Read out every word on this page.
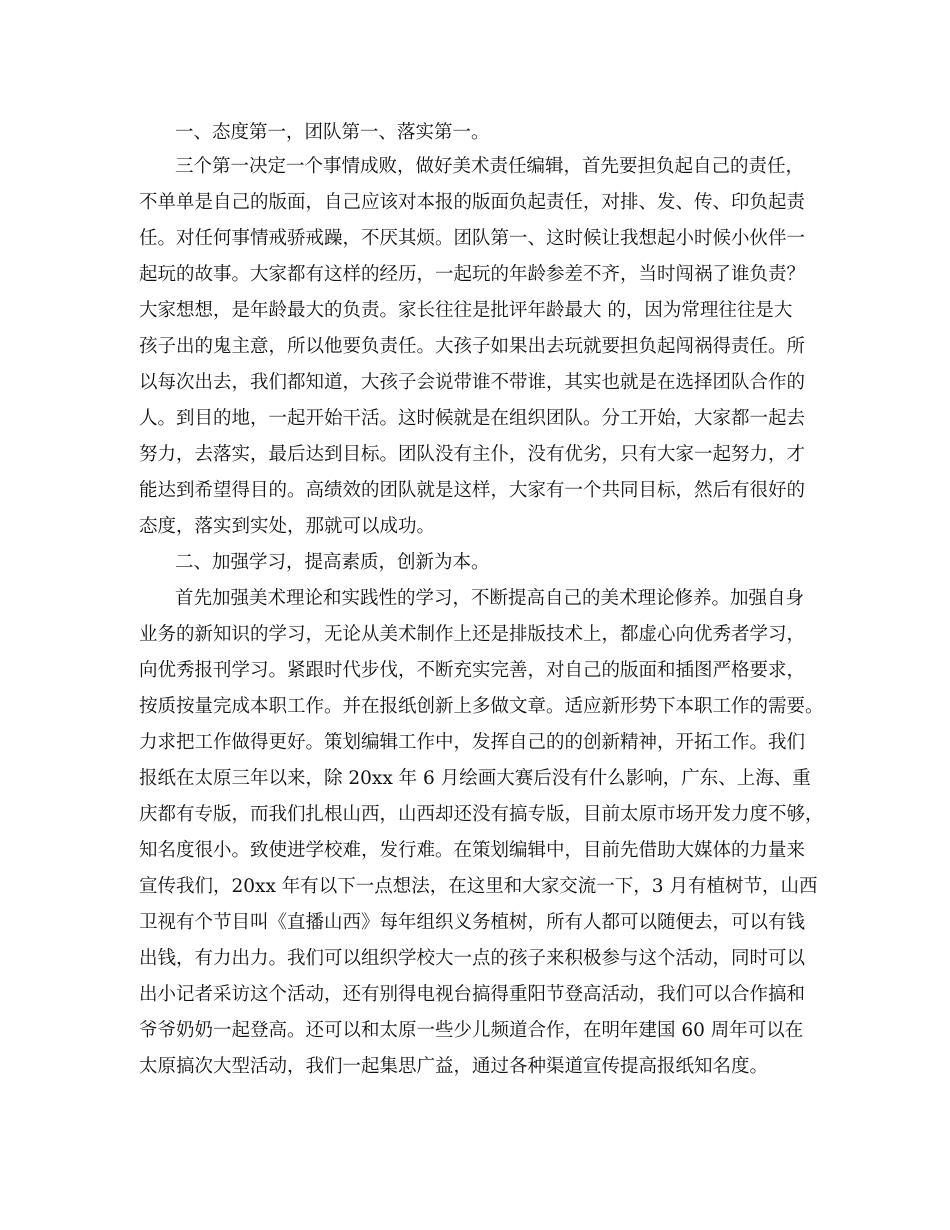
一、态度第一，团队第一、落实第一。
三个第一决定一个事情成败，做好美术责任编辑，首先要担负起自己的责任，
不单单是自己的版面，自己应该对本报的版面负起责任，对排、发、传、印负起责
任。对任何事情戒骄戒躁，不厌其烦。团队第一、这时候让我想起小时候小伙伴一
起玩的故事。大家都有这样的经历，一起玩的年龄参差不齐，当时闯祸了谁负责？
大家想想，是年龄最大的负责。家长往往是批评年龄最大 的，因为常理往往是大
孩子出的鬼主意，所以他要负责任。大孩子如果出去玩就要担负起闯祸得责任。所
以每次出去，我们都知道，大孩子会说带谁不带谁，其实也就是在选择团队合作的
人。到目的地，一起开始干活。这时候就是在组织团队。分工开始，大家都一起去
努力，去落实，最后达到目标。团队没有主仆，没有优劣，只有大家一起努力，才
能达到希望得目的。高绩效的团队就是这样，大家有一个共同目标，然后有很好的
态度，落实到实处，那就可以成功。
二、加强学习，提高素质，创新为本。
首先加强美术理论和实践性的学习，不断提高自己的美术理论修养。加强自身
业务的新知识的学习，无论从美术制作上还是排版技术上，都虚心向优秀者学习，
向优秀报刊学习。紧跟时代步伐，不断充实完善，对自己的版面和插图严格要求，
按质按量完成本职工作。并在报纸创新上多做文章。适应新形势下本职工作的需要。
力求把工作做得更好。策划编辑工作中，发挥自己的的创新精神，开拓工作。我们
报纸在太原三年以来，除 20xx 年 6 月绘画大赛后没有什么影响，广东、上海、重
庆都有专版，而我们扎根山西，山西却还没有搞专版，目前太原市场开发力度不够，
知名度很小。致使进学校难，发行难。在策划编辑中，目前先借助大媒体的力量来
宣传我们，20xx 年有以下一点想法，在这里和大家交流一下，3 月有植树节，山西
卫视有个节目叫《直播山西》每年组织义务植树，所有人都可以随便去，可以有钱
出钱，有力出力。我们可以组织学校大一点的孩子来积极参与这个活动，同时可以
出小记者采访这个活动，还有别得电视台搞得重阳节登高活动，我们可以合作搞和
爷爷奶奶一起登高。还可以和太原一些少儿频道合作，在明年建国 60 周年可以在
太原搞次大型活动，我们一起集思广益，通过各种渠道宣传提高报纸知名度。
